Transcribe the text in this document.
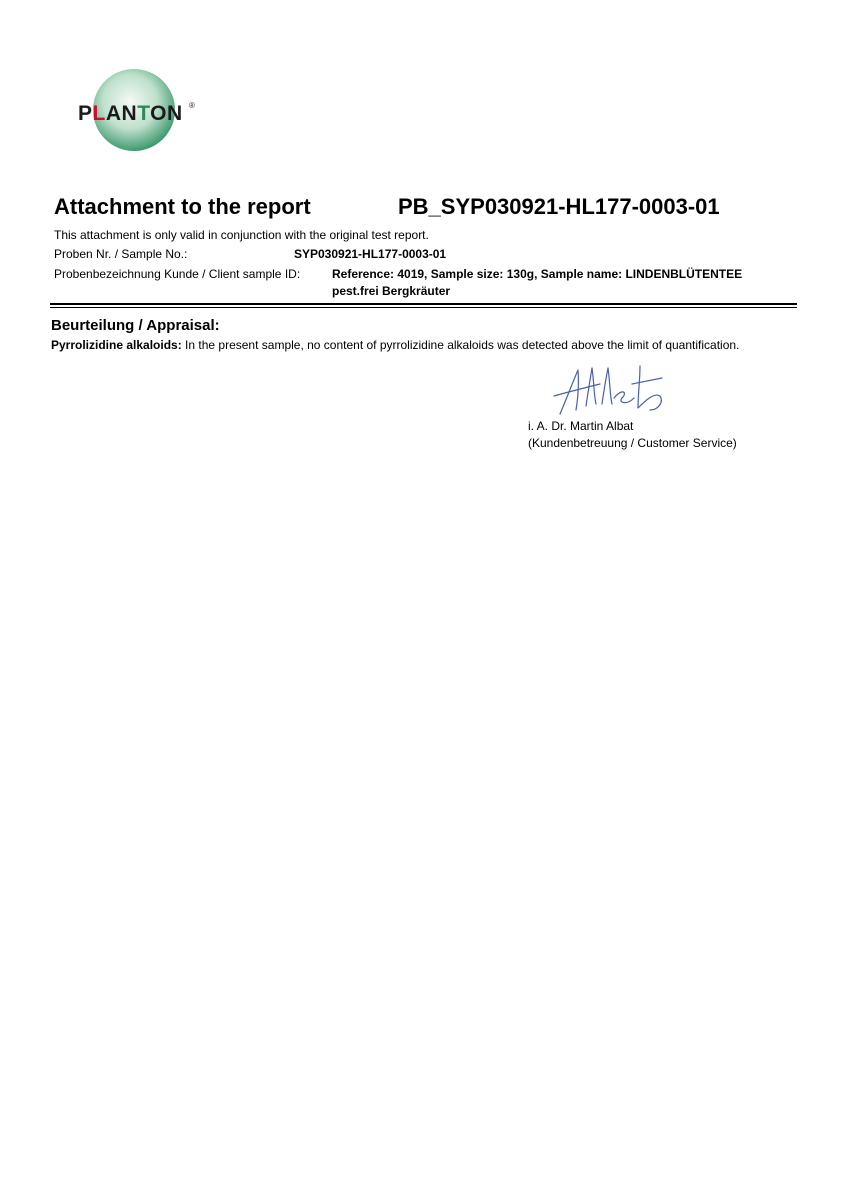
PLANTON ®
Attachment to the report	PB_SYP030921-HL177-0003-01
This attachment is only valid in conjunction with the original test report.
Proben Nr. / Sample No.:	SYP030921-HL177-0003-01
Probenbezeichnung Kunde / Client sample ID:	Reference: 4019, Sample size: 130g, Sample name: LINDENBLÜTENTEE
pest.frei Bergkräuter
Beurteilung / Appraisal:
Pyrrolizidine alkaloids: In the present sample, no content of pyrrolizidine alkaloids was detected above the limit of quantification.
i. A. Dr. Martin Albat
(Kundenbetreuung / Customer Service)
